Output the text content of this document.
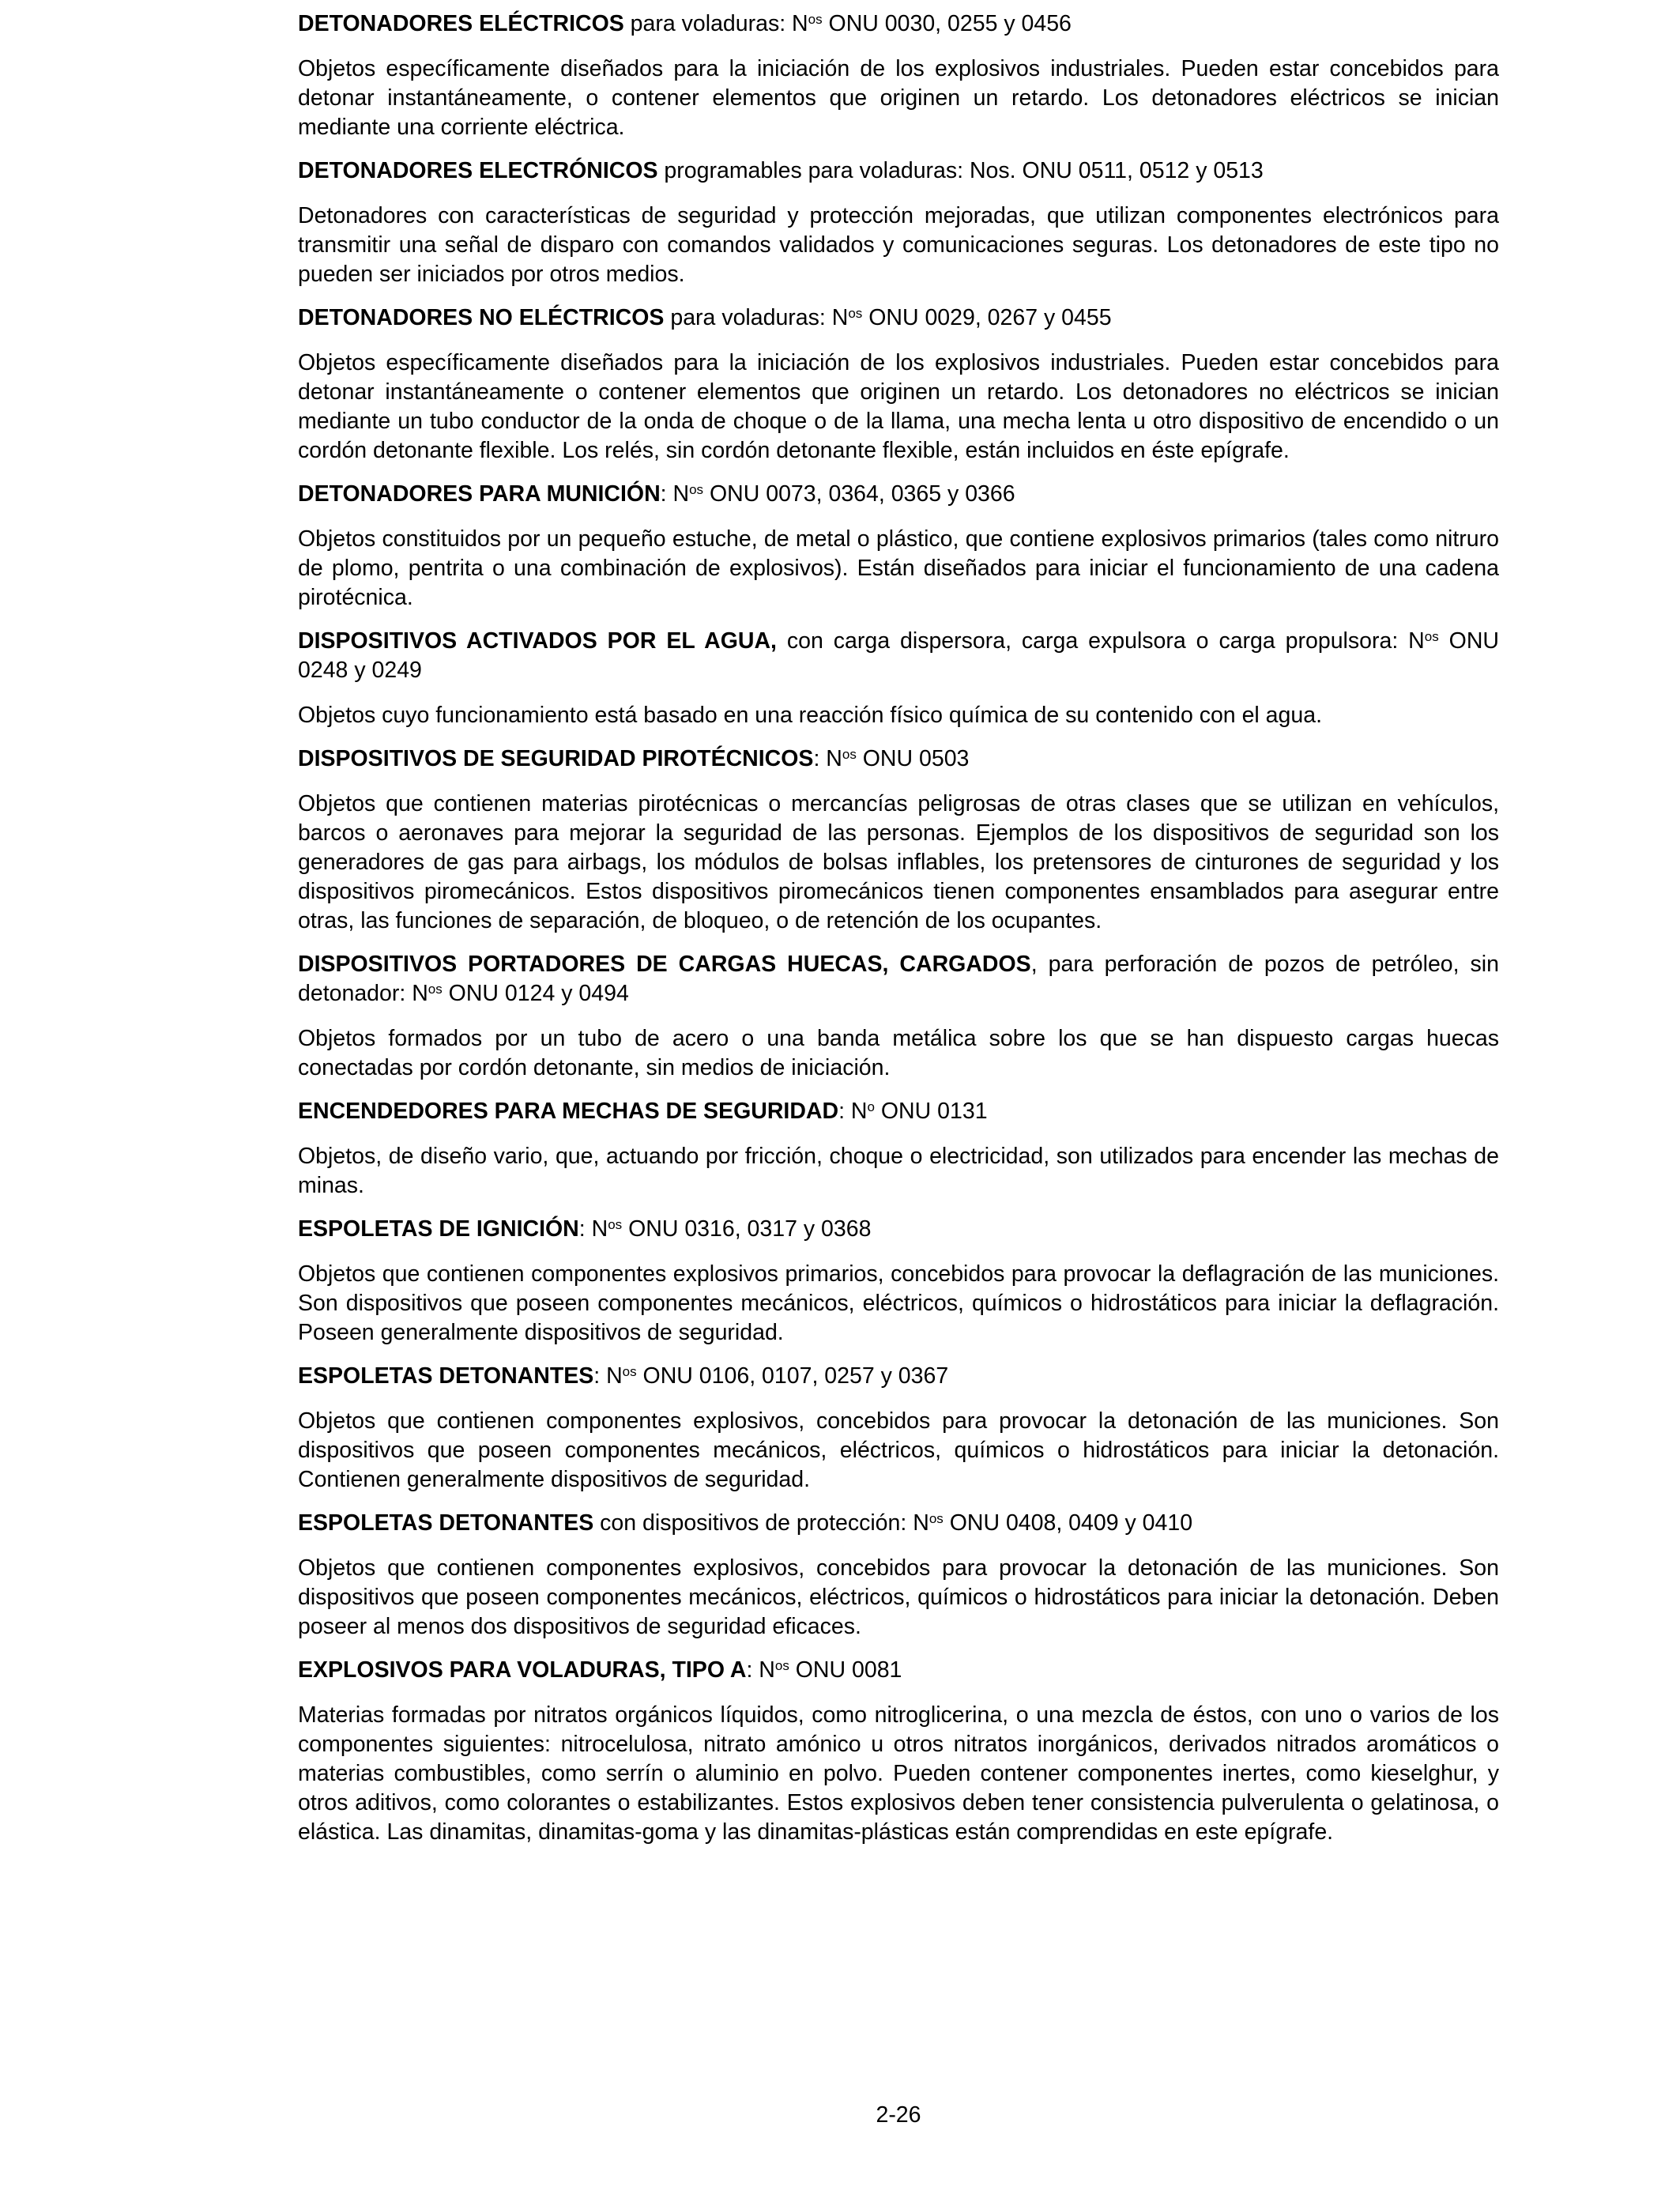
DETONADORES ELÉCTRICOS para voladuras: $N^{os}$ ONU 0030, 0255 y 0456

Objetos específicamente diseñados para la iniciación de los explosivos industriales. Pueden estar concebidos para detonar instantáneamente, o contener elementos que originen un retardo. Los detonadores eléctricos se inician mediante una corriente eléctrica.

DETONADORES ELECTRÓNICOS programables para voladuras: Nos. ONU 0511, 0512 y 0513

Detonadores con características de seguridad y protección mejoradas, que utilizan componentes electrónicos para transmitir una señal de disparo con comandos validados y comunicaciones seguras. Los detonadores de este tipo no pueden ser iniciados por otros medios.

DETONADORES NO ELÉCTRICOS para voladuras: $N^{os}$ ONU 0029, 0267 y 0455

Objetos específicamente diseñados para la iniciación de los explosivos industriales. Pueden estar concebidos para detonar instantáneamente o contener elementos que originen un retardo. Los detonadores no eléctricos se inician mediante un tubo conductor de la onda de choque o de la llama, una mecha lenta u otro dispositivo de encendido o un cordón detonante flexible. Los relés, sin cordón detonante flexible, están incluidos en éste epígrafe.

DETONADORES PARA MUNICIÓN: $N^{os}$ ONU 0073, 0364, 0365 y 0366

Objetos constituidos por un pequeño estuche, de metal o plástico, que contiene explosivos primarios (tales como nitruro de plomo, pentrita o una combinación de explosivos). Están diseñados para iniciar el funcionamiento de una cadena pirotécnica.

DISPOSITIVOS ACTIVADOS POR EL AGUA, con carga dispersora, carga expulsora o carga propulsora: $N^{os}$ ONU 0248 y 0249

Objetos cuyo funcionamiento está basado en una reacción físico química de su contenido con el agua.

DISPOSITIVOS DE SEGURIDAD PIROTÉCNICOS: $N^{os}$ ONU 0503

Objetos que contienen materias pirotécnicas o mercancías peligrosas de otras clases que se utilizan en vehículos, barcos o aeronaves para mejorar la seguridad de las personas. Ejemplos de los dispositivos de seguridad son los generadores de gas para airbags, los módulos de bolsas inflables, los pretensores de cinturones de seguridad y los dispositivos piromecánicos. Estos dispositivos piromecánicos tienen componentes ensamblados para asegurar entre otras, las funciones de separación, de bloqueo, o de retención de los ocupantes.

DISPOSITIVOS PORTADORES DE CARGAS HUECAS, CARGADOS, para perforación de pozos de petróleo, sin detonador: $N^{os}$ ONU 0124 y 0494

Objetos formados por un tubo de acero o una banda metálica sobre los que se han dispuesto cargas huecas conectadas por cordón detonante, sin medios de iniciación.

ENCENDEDORES PARA MECHAS DE SEGURIDAD: $N^o$ ONU 0131

Objetos, de diseño vario, que, actuando por fricción, choque o electricidad, son utilizados para encender las mechas de minas.

ESPOLETAS DE IGNICIÓN: $N^{os}$ ONU 0316, 0317 y 0368

Objetos que contienen componentes explosivos primarios, concebidos para provocar la deflagración de las municiones. Son dispositivos que poseen componentes mecánicos, eléctricos, químicos o hidrostáticos para iniciar la deflagración. Poseen generalmente dispositivos de seguridad.

ESPOLETAS DETONANTES: $N^{os}$ ONU 0106, 0107, 0257 y 0367

Objetos que contienen componentes explosivos, concebidos para provocar la detonación de las municiones. Son dispositivos que poseen componentes mecánicos, eléctricos, químicos o hidrostáticos para iniciar la detonación. Contienen generalmente dispositivos de seguridad.

ESPOLETAS DETONANTES con dispositivos de protección: $N^{os}$ ONU 0408, 0409 y 0410

Objetos que contienen componentes explosivos, concebidos para provocar la detonación de las municiones. Son dispositivos que poseen componentes mecánicos, eléctricos, químicos o hidrostáticos para iniciar la detonación. Deben poseer al menos dos dispositivos de seguridad eficaces.

EXPLOSIVOS PARA VOLADURAS, TIPO A: $N^{os}$ ONU 0081

Materias formadas por nitratos orgánicos líquidos, como nitroglicerina, o una mezcla de éstos, con uno o varios de los componentes siguientes: nitrocelulosa, nitrato amónico u otros nitratos inorgánicos, derivados nitrados aromáticos o materias combustibles, como serrín o aluminio en polvo. Pueden contener componentes inertes, como kieselghur, y otros aditivos, como colorantes o estabilizantes. Estos explosivos deben tener consistencia pulverulenta o gelatinosa, o elástica. Las dinamitas, dinamitas-goma y las dinamitas-plásticas están comprendidas en este epígrafe.

2-26
